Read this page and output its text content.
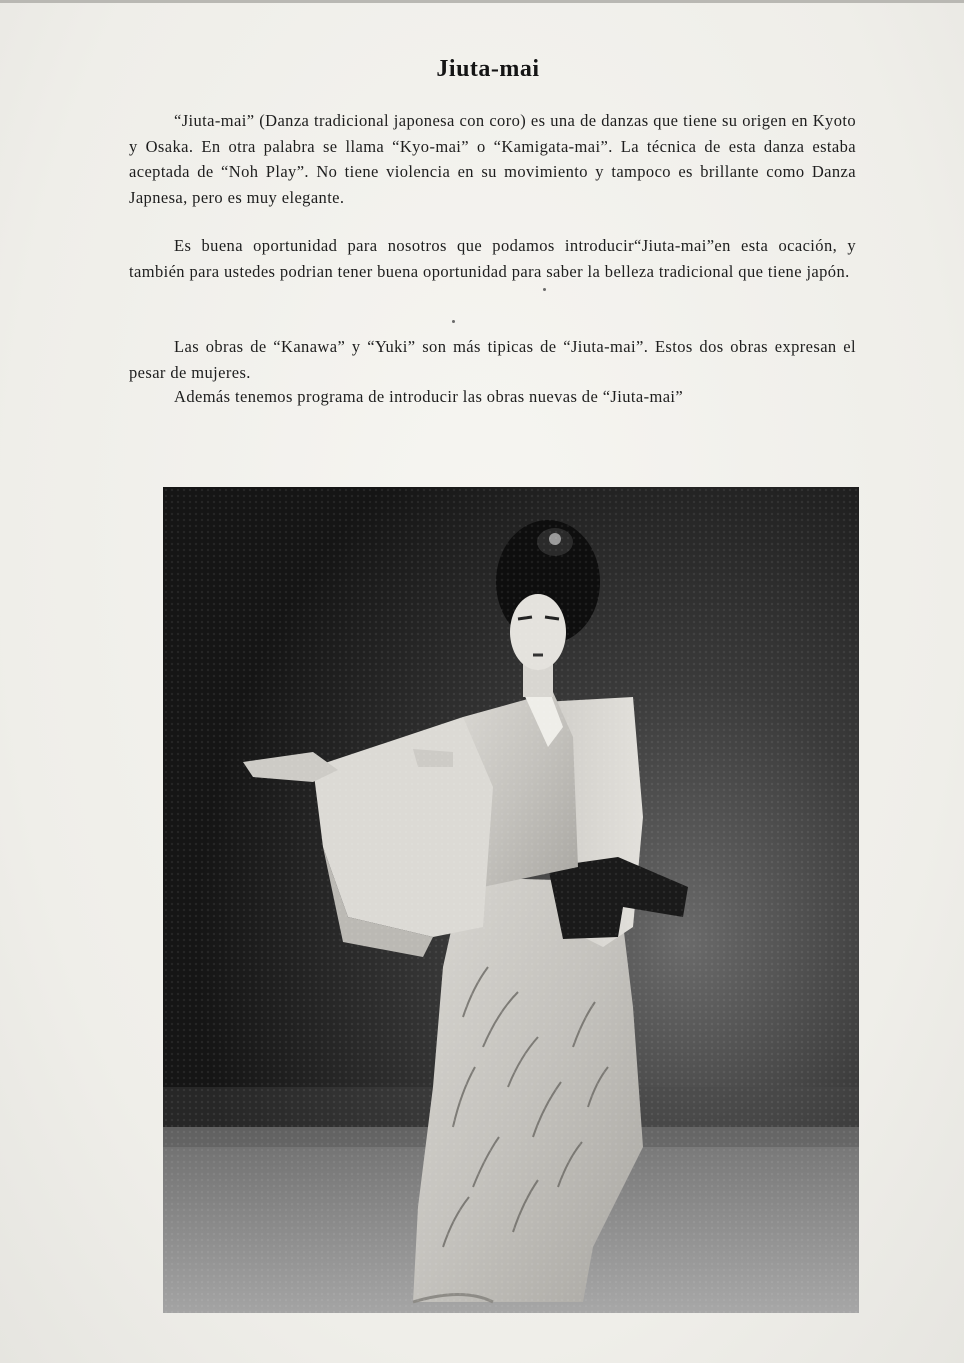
Jiuta-mai

“Jiuta-mai” (Danza tradicional japonesa con coro) es una de danzas que tiene su origen en Kyoto y Osaka. En otra palabra se llama “Kyo-mai” o “Kamigata-mai”. La técnica de esta danza estaba aceptada de “Noh Play”. No tiene violencia en su movimiento y tampoco es brillante como Danza Japnesa, pero es muy elegante.

Es buena oportunidad para nosotros que podamos introducir“Jiuta-mai”en esta ocación, y también para ustedes podrian tener buena oportunidad para saber la belleza tradicional que tiene japón.

Las obras de “Kanawa” y “Yuki” son más tipicas de “Jiuta-mai”. Estos dos obras expresan el pesar de mujeres.

Además tenemos programa de introducir las obras nuevas de “Jiuta-mai”
